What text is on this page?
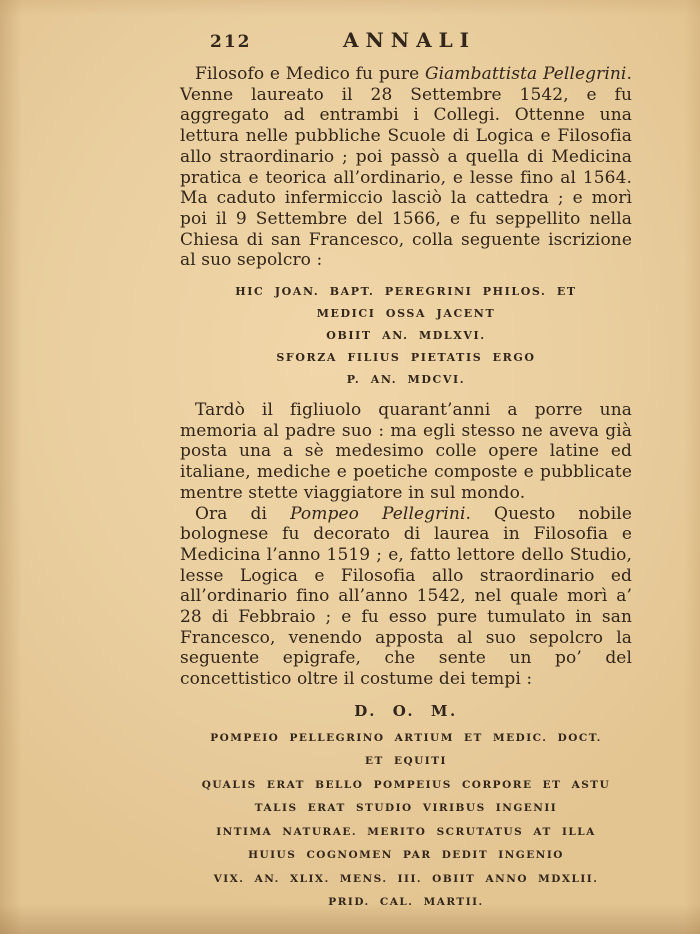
212	ANNALI

Filosofo e Medico fu pure Giambattista Pellegrini. Venne laureato il 28 Settembre 1542, e fu aggregato ad entrambi i Collegi. Ottenne una lettura nelle pubbliche Scuole di Logica e Filosofia allo straordinario ; poi passò a quella di Medicina pratica e teorica all’ordinario, e lesse fino al 1564. Ma caduto infermiccio lasciò la cattedra ; e morì poi il 9 Settembre del 1566, e fu seppellito nella Chiesa di san Francesco, colla seguente iscrizione al suo sepolcro :

HIC JOAN. BAPT. PEREGRINI PHILOS. ET
MEDICI OSSA JACENT
OBIIT AN. MDLXVI.
SFORZA FILIUS PIETATIS ERGO
P. AN. MDCVI.

Tardò il figliuolo quarant’anni a porre una memoria al padre suo : ma egli stesso ne aveva già posta una a sè medesimo colle opere latine ed italiane, mediche e poetiche composte e pubblicate mentre stette viaggiatore in sul mondo.

Ora di Pompeo Pellegrini. Questo nobile bolognese fu decorato di laurea in Filosofia e Medicina l’anno 1519 ; e, fatto lettore dello Studio, lesse Logica e Filosofia allo straordinario ed all’ordinario fino all’anno 1542, nel quale morì a’ 28 di Febbraio ; e fu esso pure tumulato in san Francesco, venendo apposta al suo sepolcro la seguente epigrafe, che sente un po’ del concettistico oltre il costume dei tempi :

D. O. M.
POMPEIO PELLEGRINO ARTIUM ET MEDIC. DOCT.
ET EQUITI
QUALIS ERAT BELLO POMPEIUS CORPORE ET ASTU
TALIS ERAT STUDIO VIRIBUS INGENII
INTIMA NATURAE. MERITO SCRUTATUS AT ILLA
HUIUS COGNOMEN PAR DEDIT INGENIO
VIX. AN. XLIX. MENS. III. OBIIT ANNO MDXLII.
PRID. CAL. MARTII.
